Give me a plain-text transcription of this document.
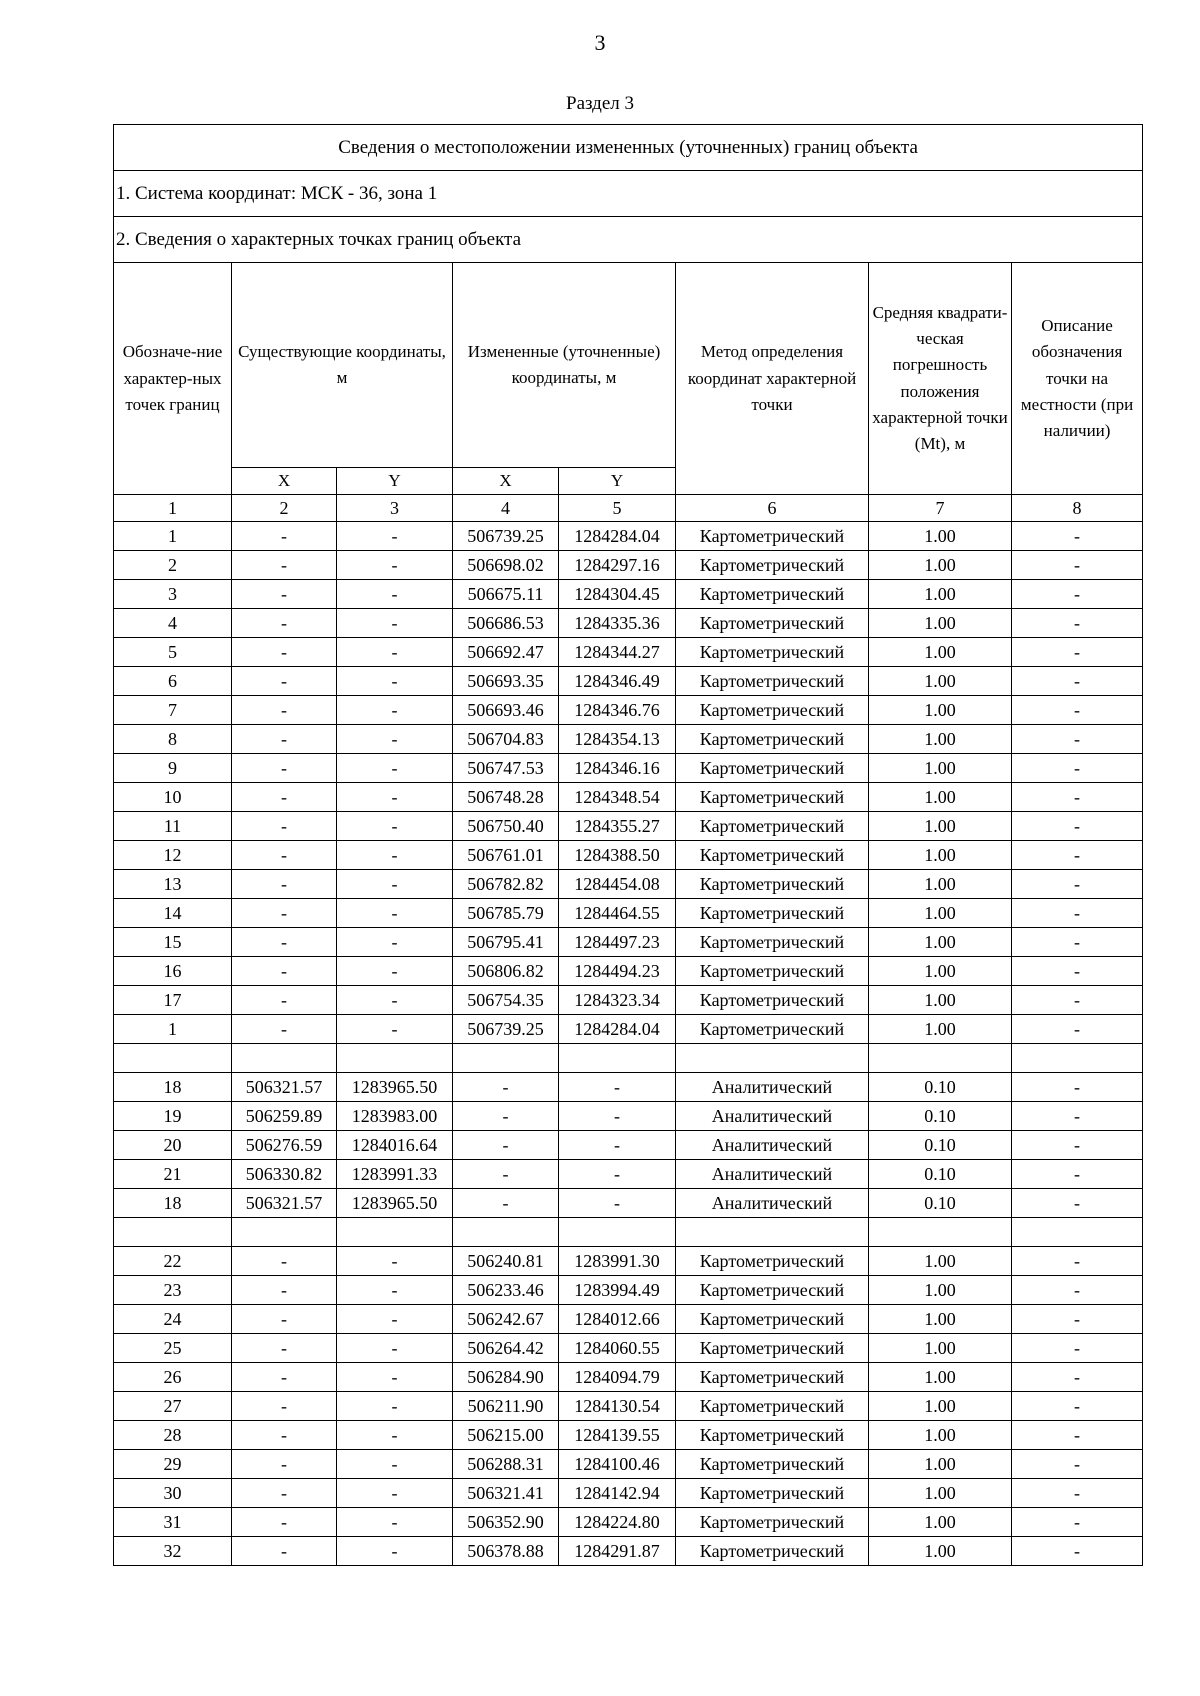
3
Раздел 3
Сведения о местоположении измененных (уточненных) границ объекта							
1. Система координат: МСК - 36, зона 1							
2. Сведения о характерных точках границ объекта							
Обозначе-ние характер-ных точек границ	Существующие координаты, м		Измененные (уточненные) координаты, м		Метод определения координат характерной точки	Средняя квадрати-ческая погрешность положения характерной точки (Mt), м	Описание обозначения точки на местности (при наличии)
	X	Y	X	Y			
1	2	3	4	5	6	7	8
1	-	-	506739.25	1284284.04	Картометрический	1.00	-
2	-	-	506698.02	1284297.16	Картометрический	1.00	-
3	-	-	506675.11	1284304.45	Картометрический	1.00	-
4	-	-	506686.53	1284335.36	Картометрический	1.00	-
5	-	-	506692.47	1284344.27	Картометрический	1.00	-
6	-	-	506693.35	1284346.49	Картометрический	1.00	-
7	-	-	506693.46	1284346.76	Картометрический	1.00	-
8	-	-	506704.83	1284354.13	Картометрический	1.00	-
9	-	-	506747.53	1284346.16	Картометрический	1.00	-
10	-	-	506748.28	1284348.54	Картометрический	1.00	-
11	-	-	506750.40	1284355.27	Картометрический	1.00	-
12	-	-	506761.01	1284388.50	Картометрический	1.00	-
13	-	-	506782.82	1284454.08	Картометрический	1.00	-
14	-	-	506785.79	1284464.55	Картометрический	1.00	-
15	-	-	506795.41	1284497.23	Картометрический	1.00	-
16	-	-	506806.82	1284494.23	Картометрический	1.00	-
17	-	-	506754.35	1284323.34	Картометрический	1.00	-
1	-	-	506739.25	1284284.04	Картометрический	1.00	-

18	506321.57	1283965.50	-	-	Аналитический	0.10	-
19	506259.89	1283983.00	-	-	Аналитический	0.10	-
20	506276.59	1284016.64	-	-	Аналитический	0.10	-
21	506330.82	1283991.33	-	-	Аналитический	0.10	-
18	506321.57	1283965.50	-	-	Аналитический	0.10	-

22	-	-	506240.81	1283991.30	Картометрический	1.00	-
23	-	-	506233.46	1283994.49	Картометрический	1.00	-
24	-	-	506242.67	1284012.66	Картометрический	1.00	-
25	-	-	506264.42	1284060.55	Картометрический	1.00	-
26	-	-	506284.90	1284094.79	Картометрический	1.00	-
27	-	-	506211.90	1284130.54	Картометрический	1.00	-
28	-	-	506215.00	1284139.55	Картометрический	1.00	-
29	-	-	506288.31	1284100.46	Картометрический	1.00	-
30	-	-	506321.41	1284142.94	Картометрический	1.00	-
31	-	-	506352.90	1284224.80	Картометрический	1.00	-
32	-	-	506378.88	1284291.87	Картометрический	1.00	-
